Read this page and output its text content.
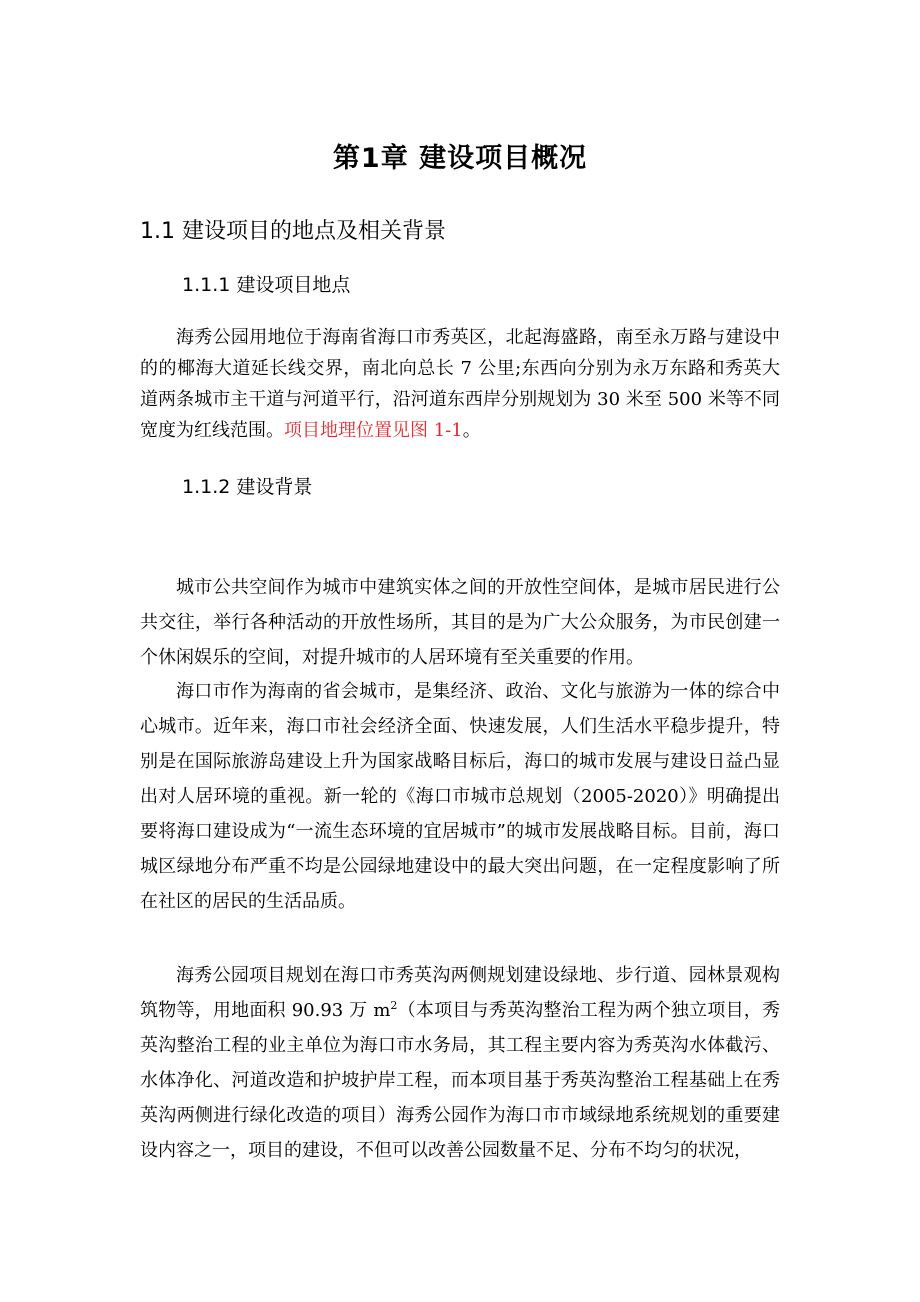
第1章 建设项目概况
1.1 建设项目的地点及相关背景
1.1.1 建设项目地点

海秀公园用地位于海南省海口市秀英区，北起海盛路，南至永万路与建设中的的椰海大道延长线交界，南北向总长 7 公里;东西向分别为永万东路和秀英大道两条城市主干道与河道平行，沿河道东西岸分别规划为 30 米至 500 米等不同宽度为红线范围。项目地理位置见图 1-1。

1.1.2 建设背景

城市公共空间作为城市中建筑实体之间的开放性空间体，是城市居民进行公共交往，举行各种活动的开放性场所，其目的是为广大公众服务，为市民创建一个休闲娱乐的空间，对提升城市的人居环境有至关重要的作用。

海口市作为海南的省会城市，是集经济、政治、文化与旅游为一体的综合中心城市。近年来，海口市社会经济全面、快速发展，人们生活水平稳步提升，特别是在国际旅游岛建设上升为国家战略目标后，海口的城市发展与建设日益凸显出对人居环境的重视。新一轮的《海口市城市总规划（2005-2020）》明确提出要将海口建设成为“一流生态环境的宜居城市”的城市发展战略目标。目前，海口城区绿地分布严重不均是公园绿地建设中的最大突出问题，在一定程度影响了所在社区的居民的生活品质。

海秀公园项目规划在海口市秀英沟两侧规划建设绿地、步行道、园林景观构筑物等，用地面积 90.93 万 $m^2$（本项目与秀英沟整治工程为两个独立项目，秀英沟整治工程的业主单位为海口市水务局，其工程主要内容为秀英沟水体截污、水体净化、河道改造和护坡护岸工程，而本项目基于秀英沟整治工程基础上在秀英沟两侧进行绿化改造的项目）海秀公园作为海口市市域绿地系统规划的重要建设内容之一，项目的建设，不但可以改善公园数量不足、分布不均匀的状况，
